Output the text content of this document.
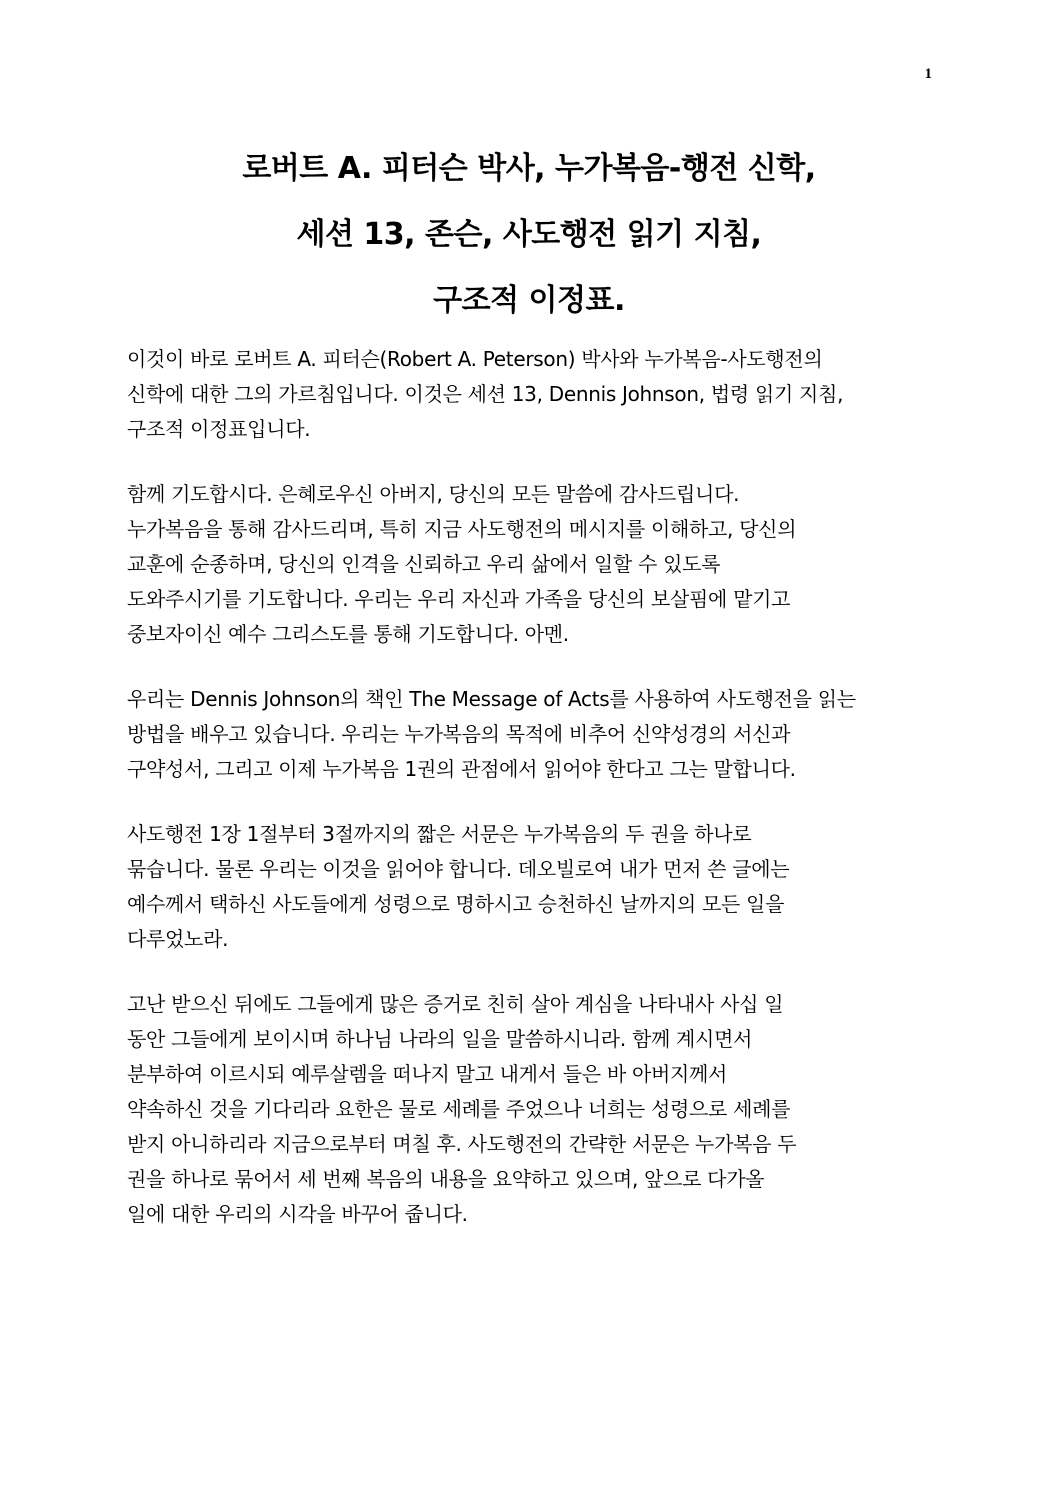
1
로버트 A. 피터슨 박사, 누가복음-행전 신학,
세션 13, 존슨, 사도행전 읽기 지침,
구조적 이정표.
이것이 바로 로버트 A. 피터슨(Robert A. Peterson) 박사와 누가복음-사도행전의
신학에 대한 그의 가르침입니다. 이것은 세션 13, Dennis Johnson, 법령 읽기 지침,
구조적 이정표입니다.
함께 기도합시다. 은혜로우신 아버지, 당신의 모든 말씀에 감사드립니다.
누가복음을 통해 감사드리며, 특히 지금 사도행전의 메시지를 이해하고, 당신의
교훈에 순종하며, 당신의 인격을 신뢰하고 우리 삶에서 일할 수 있도록
도와주시기를 기도합니다. 우리는 우리 자신과 가족을 당신의 보살핌에 맡기고
중보자이신 예수 그리스도를 통해 기도합니다. 아멘.
우리는 Dennis Johnson의 책인 The Message of Acts를 사용하여 사도행전을 읽는
방법을 배우고 있습니다. 우리는 누가복음의 목적에 비추어 신약성경의 서신과
구약성서, 그리고 이제 누가복음 1권의 관점에서 읽어야 한다고 그는 말합니다.
사도행전 1장 1절부터 3절까지의 짧은 서문은 누가복음의 두 권을 하나로
묶습니다. 물론 우리는 이것을 읽어야 합니다. 데오빌로여 내가 먼저 쓴 글에는
예수께서 택하신 사도들에게 성령으로 명하시고 승천하신 날까지의 모든 일을
다루었노라.
고난 받으신 뒤에도 그들에게 많은 증거로 친히 살아 계심을 나타내사 사십 일
동안 그들에게 보이시며 하나님 나라의 일을 말씀하시니라. 함께 계시면서
분부하여 이르시되 예루살렘을 떠나지 말고 내게서 들은 바 아버지께서
약속하신 것을 기다리라 요한은 물로 세례를 주었으나 너희는 성령으로 세례를
받지 아니하리라 지금으로부터 며칠 후. 사도행전의 간략한 서문은 누가복음 두
권을 하나로 묶어서 세 번째 복음의 내용을 요약하고 있으며, 앞으로 다가올
일에 대한 우리의 시각을 바꾸어 줍니다.
